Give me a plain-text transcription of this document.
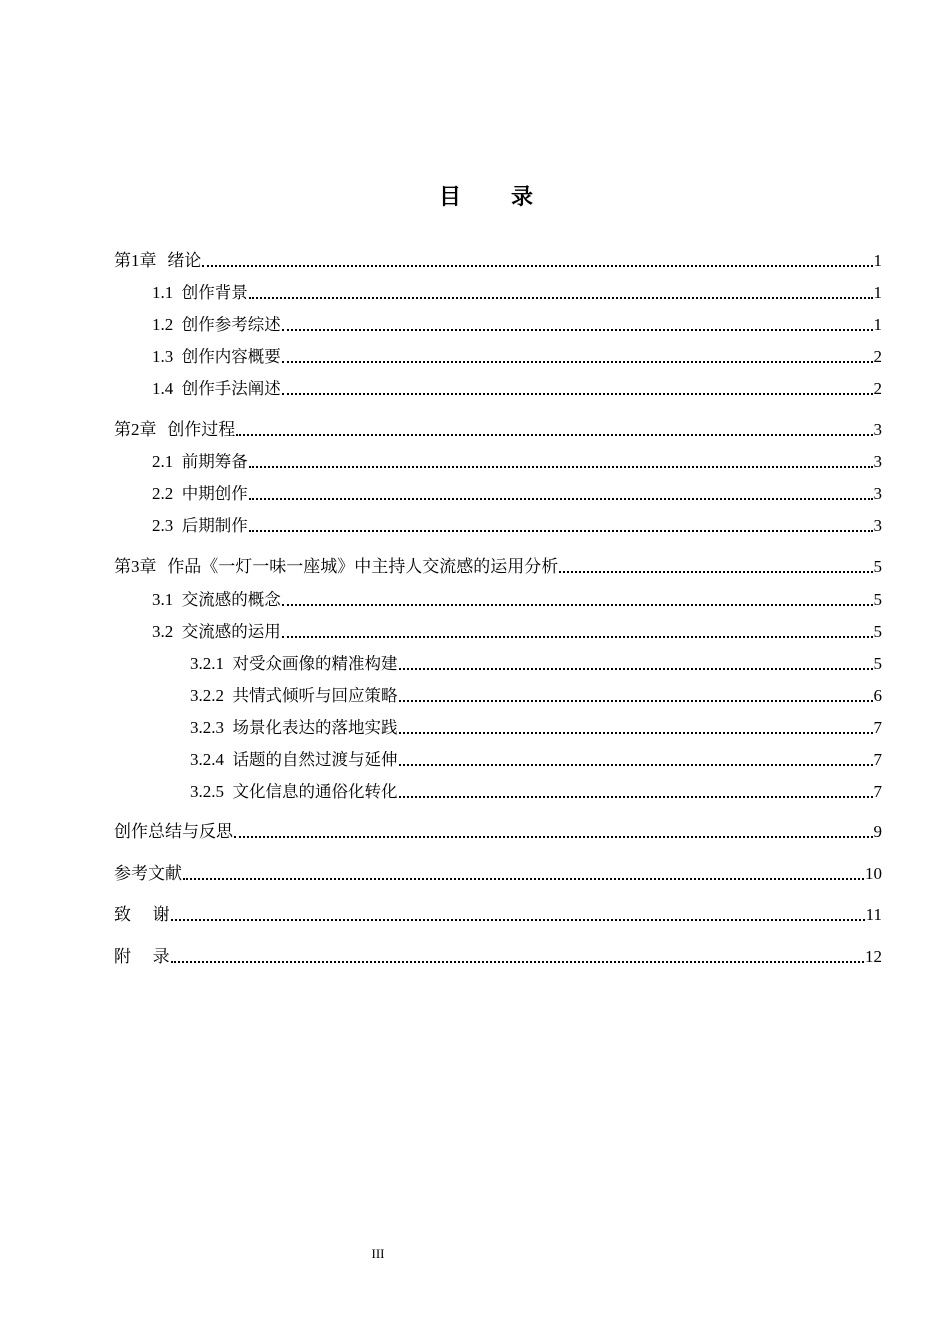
目 录
第 1 章 绪论	1
1.1 创作背景	1
1.2 创作参考综述	1
1.3 创作内容概要	2
1.4 创作手法阐述	2
第 2 章 创作过程	3
2.1 前期筹备	3
2.2 中期创作	3
2.3 后期制作	3
第 3 章 作品《一灯一味一座城》中主持人交流感的运用分析	5
3.1 交流感的概念	5
3.2 交流感的运用	5
3.2.1 对受众画像的精准构建	5
3.2.2 共情式倾听与回应策略	6
3.2.3 场景化表达的落地实践	7
3.2.4 话题的自然过渡与延伸	7
3.2.5 文化信息的通俗化转化	7
创作总结与反思	9
参考文献	10
致    谢	11
附    录	12
III
